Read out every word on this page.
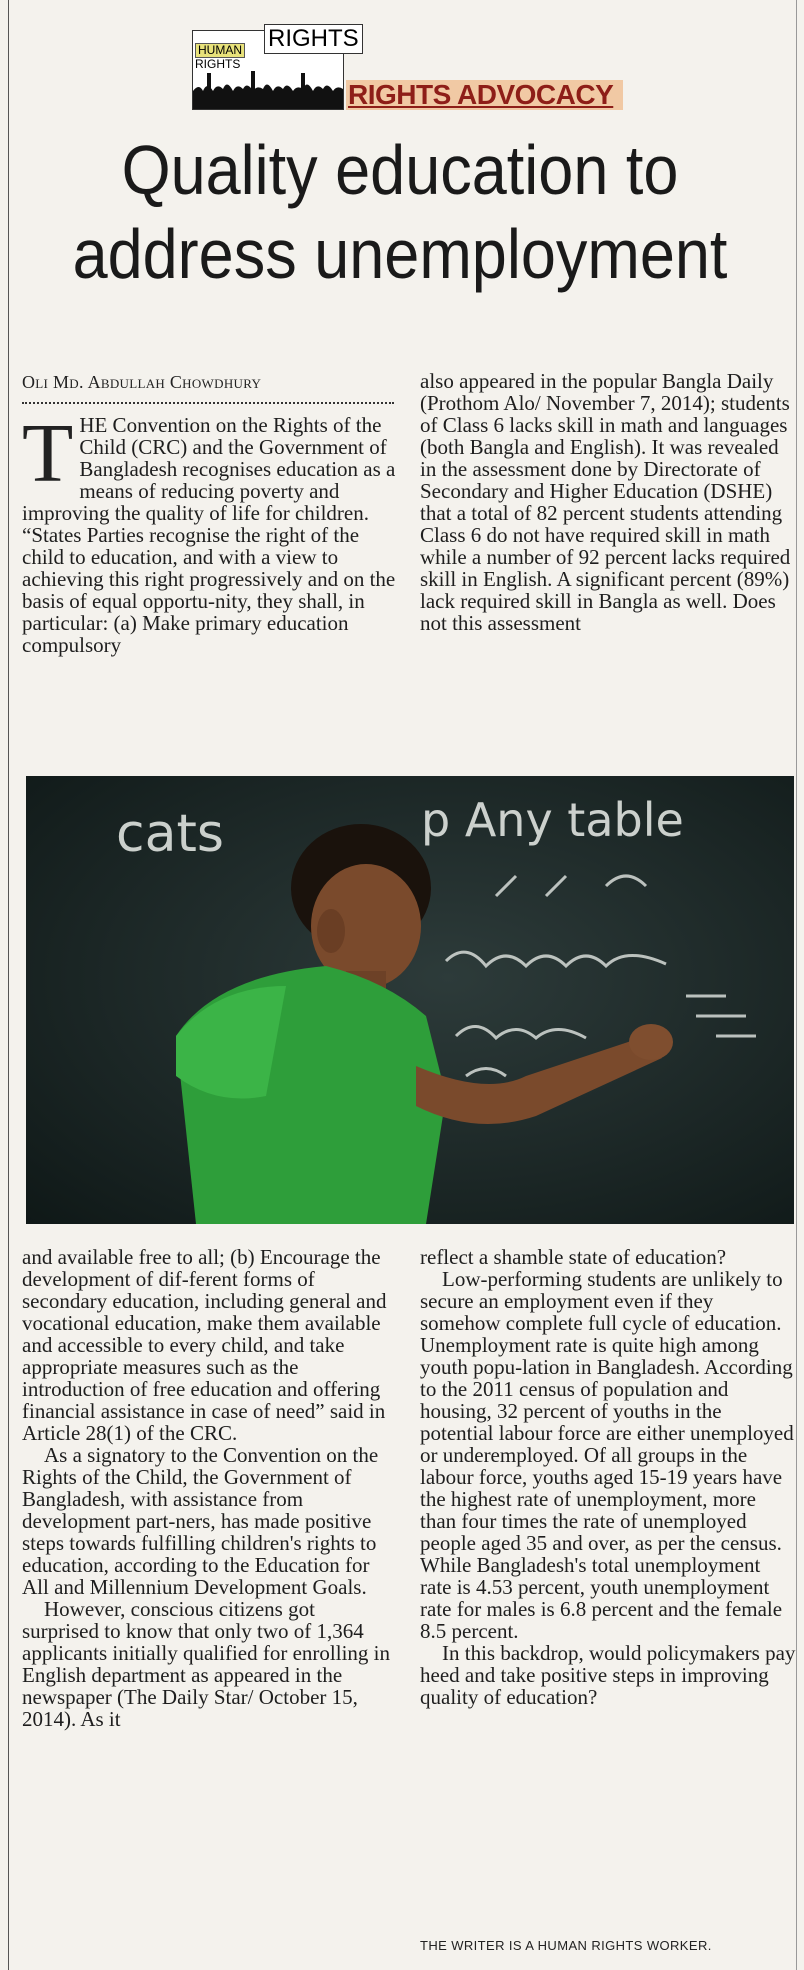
HUMAN
RIGHTS
RIGHTS
RIGHTS ADVOCACY
Quality education to
address unemployment
Oli Md. Abdullah Chowdhury

THE Convention on the Rights of the Child (CRC) and the Government of Bangladesh recognises education as a means of reducing poverty and improving the quality of life for children. “States Parties recognise the right of the child to education, and with a view to achieving this right progressively and on the basis of equal opportu-nity, they shall, in particular: (a) Make primary education compulsory

also appeared in the popular Bangla Daily (Prothom Alo/ November 7, 2014); students of Class 6 lacks skill in math and languages (both Bangla and English). It was revealed in the assessment done by Directorate of Secondary and Higher Education (DSHE) that a total of 82 percent students attending Class 6 do not have required skill in math while a number of 92 percent lacks required skill in English. A significant percent (89%) lack required skill in Bangla as well. Does not this assessment

cats	p Any table

and available free to all; (b) Encourage the development of dif-ferent forms of secondary education, including general and vocational education, make them available and accessible to every child, and take appropriate measures such as the introduction of free education and offering financial assistance in case of need” said in Article 28(1) of the CRC.

As a signatory to the Convention on the Rights of the Child, the Government of Bangladesh, with assistance from development part-ners, has made positive steps towards fulfilling children's rights to education, according to the Education for All and Millennium Development Goals.

However, conscious citizens got surprised to know that only two of 1,364 applicants initially qualified for enrolling in English department as appeared in the newspaper (The Daily Star/ October 15, 2014). As it

reflect a shamble state of education?

Low-performing students are unlikely to secure an employment even if they somehow complete full cycle of education. Unemployment rate is quite high among youth popu-lation in Bangladesh. According to the 2011 census of population and housing, 32 percent of youths in the potential labour force are either unemployed or underemployed. Of all groups in the labour force, youths aged 15-19 years have the highest rate of unemployment, more than four times the rate of unemployed people aged 35 and over, as per the census. While Bangladesh's total unemployment rate is 4.53 percent, youth unemployment rate for males is 6.8 percent and the female 8.5 percent.

In this backdrop, would policymakers pay heed and take positive steps in improving quality of education?

THE WRITER IS A HUMAN RIGHTS WORKER.
